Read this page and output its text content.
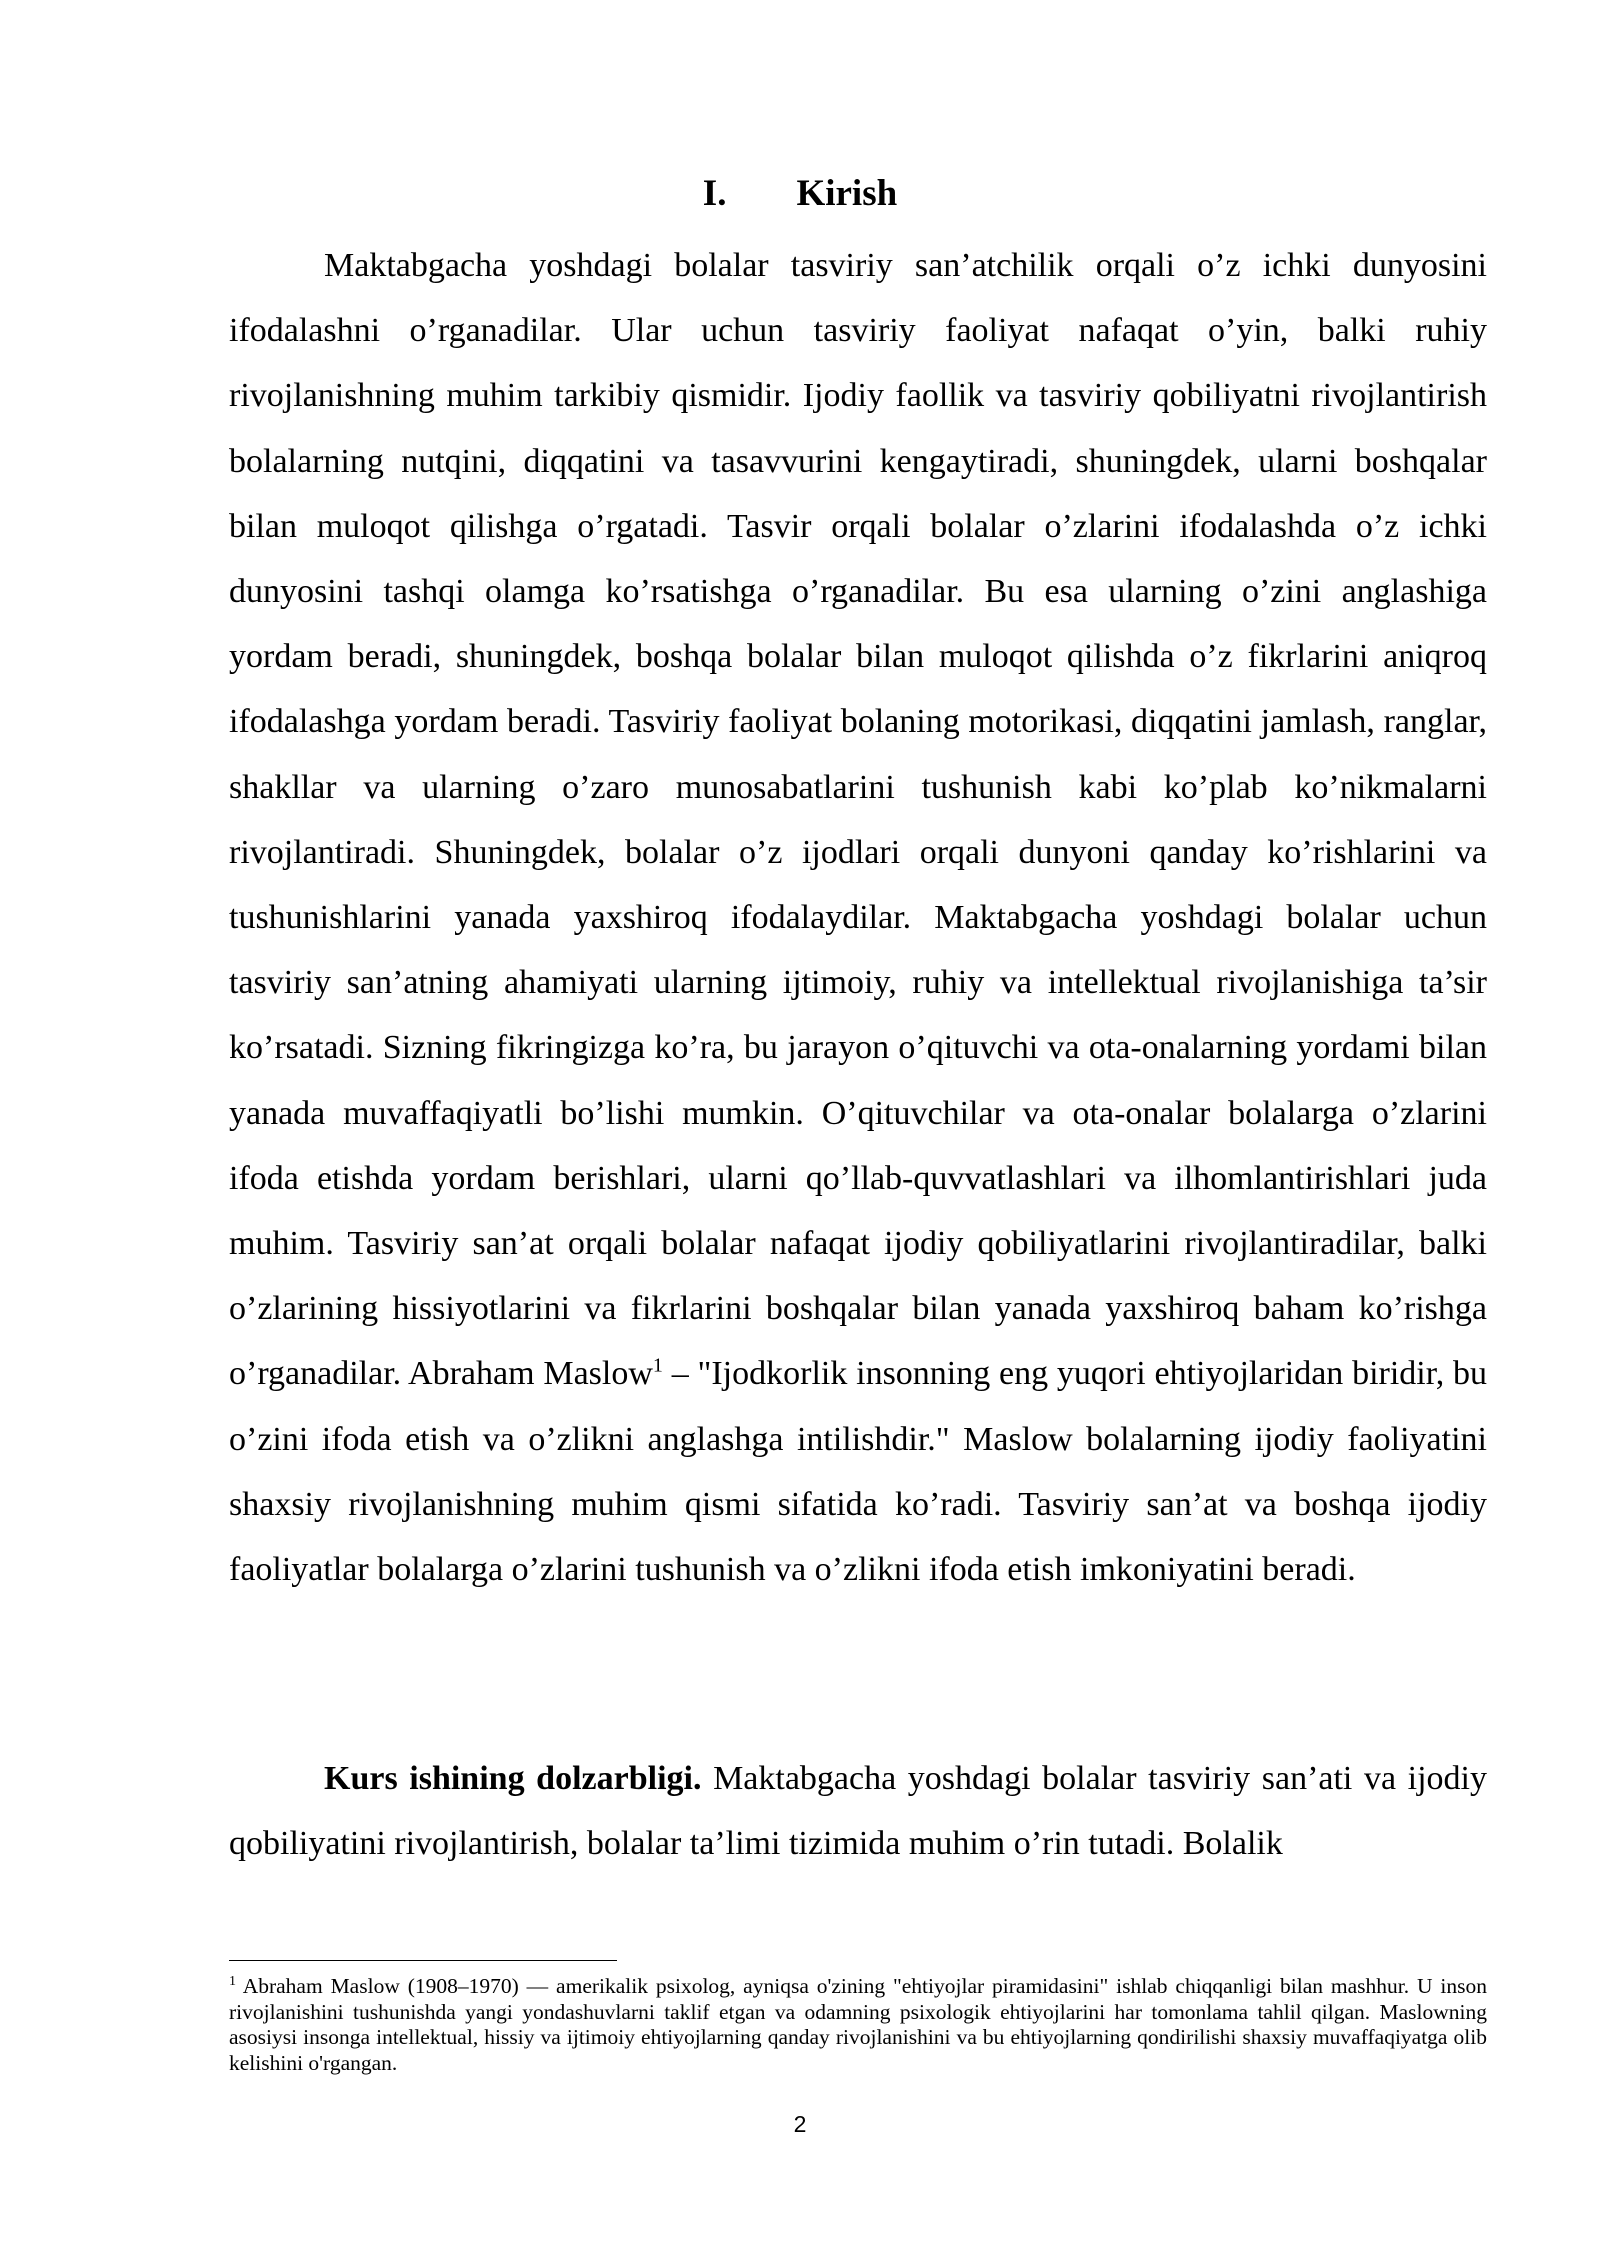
I. Kirish

Maktabgacha yoshdagi bolalar tasviriy san’atchilik orqali o’z ichki dunyosini ifodalashni o’rganadilar. Ular uchun tasviriy faoliyat nafaqat o’yin, balki ruhiy rivojlanishning muhim tarkibiy qismidir. Ijodiy faollik va tasviriy qobiliyatni rivojlantirish bolalarning nutqini, diqqatini va tasavvurini kengaytiradi, shuningdek, ularni boshqalar bilan muloqot qilishga o’rgatadi. Tasvir orqali bolalar o’zlarini ifodalashda o’z ichki dunyosini tashqi olamga ko’rsatishga o’rganadilar. Bu esa ularning o’zini anglashiga yordam beradi, shuningdek, boshqa bolalar bilan muloqot qilishda o’z fikrlarini aniqroq ifodalashga yordam beradi. Tasviriy faoliyat bolaning motorikasi, diqqatini jamlash, ranglar, shakllar va ularning o’zaro munosabatlarini tushunish kabi ko’plab ko’nikmalarni rivojlantiradi. Shuningdek, bolalar o’z ijodlari orqali dunyoni qanday ko’rishlarini va tushunishlarini yanada yaxshiroq ifodalaydilar. Maktabgacha yoshdagi bolalar uchun tasviriy san’atning ahamiyati ularning ijtimoiy, ruhiy va intellektual rivojlanishiga ta’sir ko’rsatadi. Sizning fikringizga ko’ra, bu jarayon o’qituvchi va ota-onalarning yordami bilan yanada muvaffaqiyatli bo’lishi mumkin. O’qituvchilar va ota-onalar bolalarga o’zlarini ifoda etishda yordam berishlari, ularni qo’llab-quvvatlashlari va ilhomlantirishlari juda muhim. Tasviriy san’at orqali bolalar nafaqat ijodiy qobiliyatlarini rivojlantiradilar, balki o’zlarining hissiyotlarini va fikrlarini boshqalar bilan yanada yaxshiroq baham ko’rishga o’rganadilar. Abraham Maslow$^1$ – "Ijodkorlik insonning eng yuqori ehtiyojlaridan biridir, bu o’zini ifoda etish va o’zlikni anglashga intilishdir." Maslow bolalarning ijodiy faoliyatini shaxsiy rivojlanishning muhim qismi sifatida ko’radi. Tasviriy san’at va boshqa ijodiy faoliyatlar bolalarga o’zlarini tushunish va o’zlikni ifoda etish imkoniyatini beradi.

Kurs ishining dolzarbligi. Maktabgacha yoshdagi bolalar tasviriy san’ati va ijodiy qobiliyatini rivojlantirish, bolalar ta’limi tizimida muhim o’rin tutadi. Bolalik

$^1$ Abraham Maslow (1908–1970) — amerikalik psixolog, ayniqsa o'zining "ehtiyojlar piramidasini" ishlab chiqqanligi bilan mashhur. U inson rivojlanishini tushunishda yangi yondashuvlarni taklif etgan va odamning psixologik ehtiyojlarini har tomonlama tahlil qilgan. Maslowning asosiysi insonga intellektual, hissiy va ijtimoiy ehtiyojlarning qanday rivojlanishini va bu ehtiyojlarning qondirilishi shaxsiy muvaffaqiyatga olib kelishini o'rgangan.

2
